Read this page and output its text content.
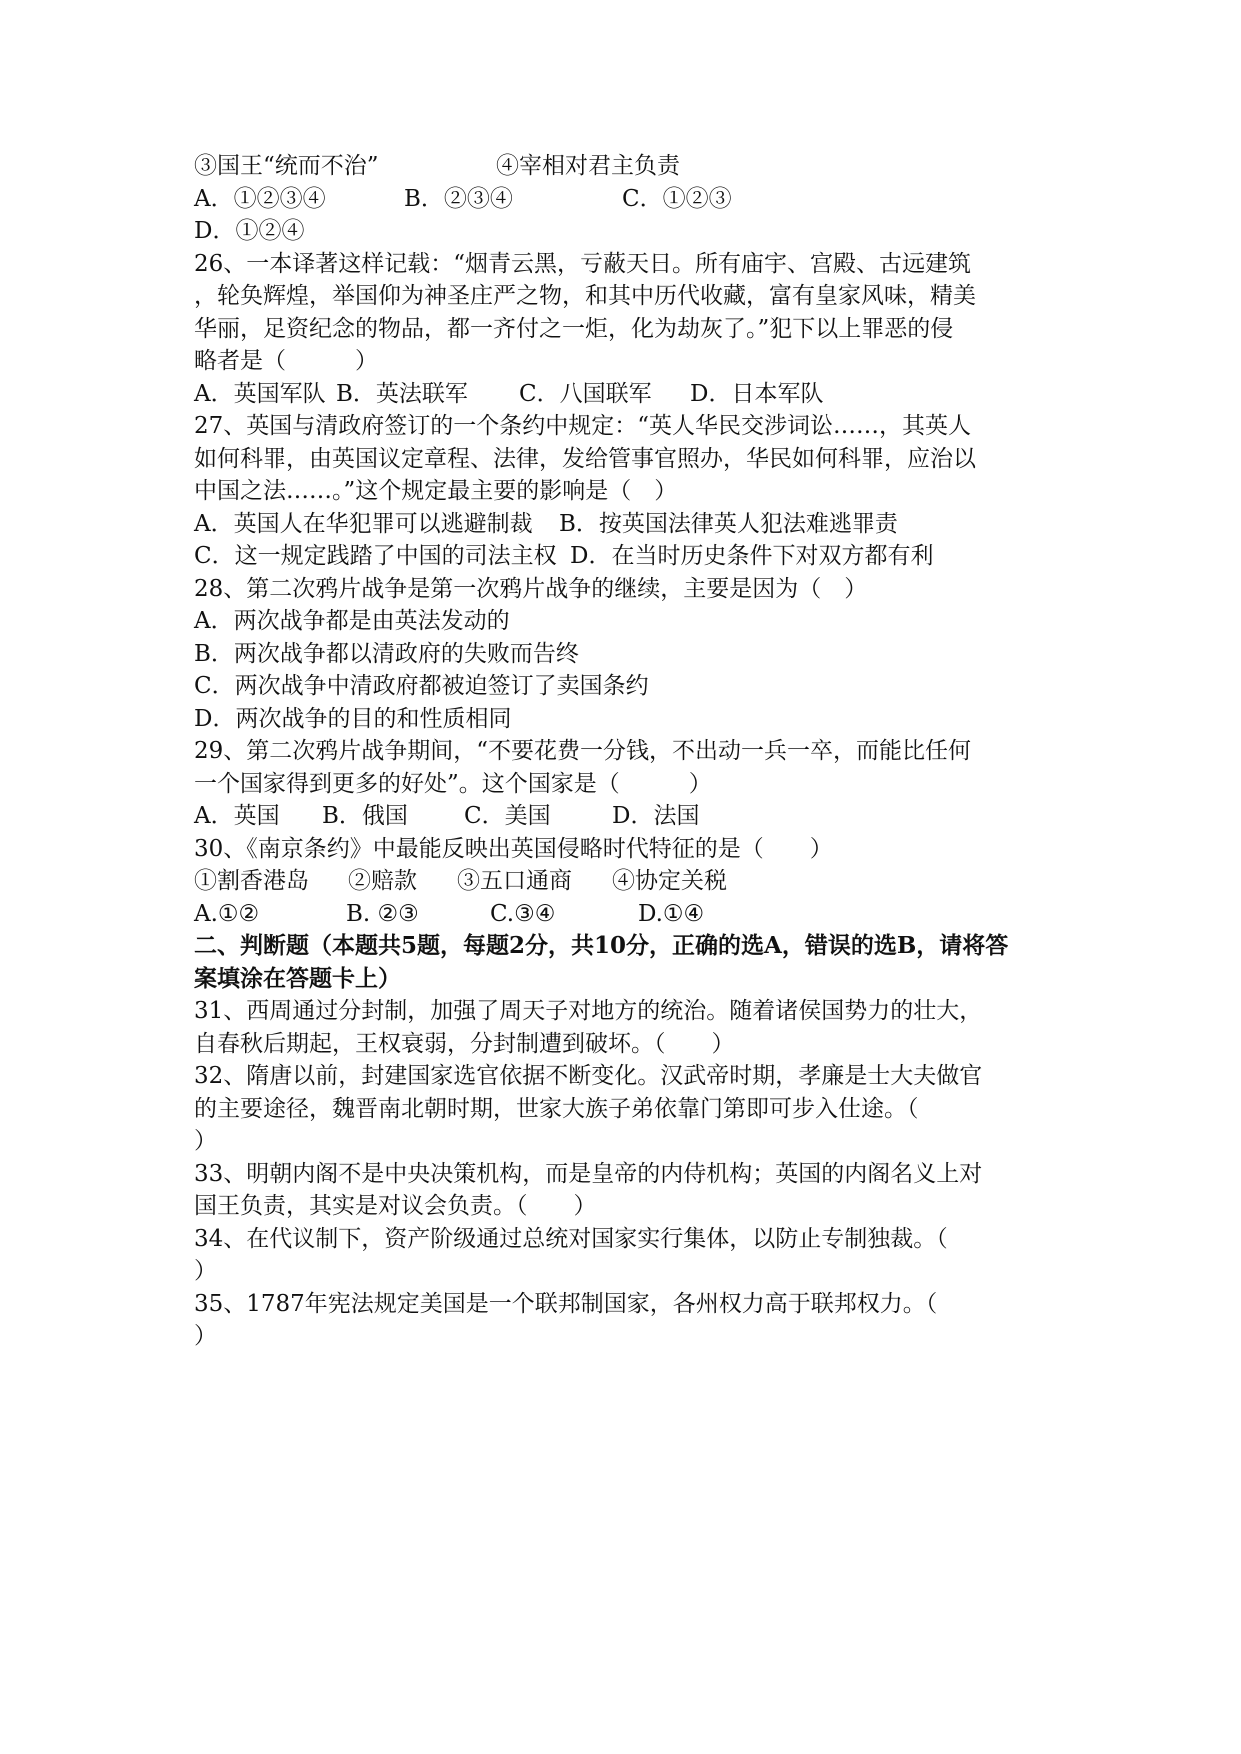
③国王“统而不治”	④宰相对君主负责
A．①②③④	B．②③④	C．①②③
D．①②④
26、一本译著这样记载：“烟青云黑，亏蔽天日。所有庙宇、宫殿、古远建筑
，轮奂辉煌，举国仰为神圣庄严之物，和其中历代收藏，富有皇家风味，精美
华丽，足资纪念的物品，都一齐付之一炬，化为劫灰了。”犯下以上罪恶的侵
略者是（　　　）
A．英国军队 B．英法联军 C．八国联军 D．日本军队
27、英国与清政府签订的一个条约中规定：“英人华民交涉词讼……，其英人
如何科罪，由英国议定章程、法律，发给管事官照办，华民如何科罪，应治以
中国之法……。”这个规定最主要的影响是（　）
A．英国人在华犯罪可以逃避制裁 B．按英国法律英人犯法难逃罪责
C．这一规定践踏了中国的司法主权 D．在当时历史条件下对双方都有利
28、第二次鸦片战争是第一次鸦片战争的继续，主要是因为（　）
A．两次战争都是由英法发动的
B．两次战争都以清政府的失败而告终
C．两次战争中清政府都被迫签订了卖国条约
D．两次战争的目的和性质相同
29、第二次鸦片战争期间，“不要花费一分钱，不出动一兵一卒，而能比任何
一个国家得到更多的好处”。这个国家是（　　　）
A．英国 B．俄国 C．美国	D．法国
30、《南京条约》中最能反映出英国侵略时代特征的是（　　）
①割香港岛 ②赔款 ③五口通商 ④协定关税
A.①②	B. ②③	C.③④	D.①④
二、判断题（本题共5题，每题2分，共10分，正确的选A，错误的选B，请将答
案填涂在答题卡上）
31、西周通过分封制，加强了周天子对地方的统治。随着诸侯国势力的壮大，
自春秋后期起，王权衰弱，分封制遭到破坏。（　　）
32、隋唐以前，封建国家选官依据不断变化。汉武帝时期，孝廉是士大夫做官
的主要途径，魏晋南北朝时期，世家大族子弟依靠门第即可步入仕途。（
）
33、明朝内阁不是中央决策机构，而是皇帝的内侍机构；英国的内阁名义上对
国王负责，其实是对议会负责。（　　）
34、在代议制下，资产阶级通过总统对国家实行集体，以防止专制独裁。（
）
35、1787年宪法规定美国是一个联邦制国家，各州权力高于联邦权力。（
）
